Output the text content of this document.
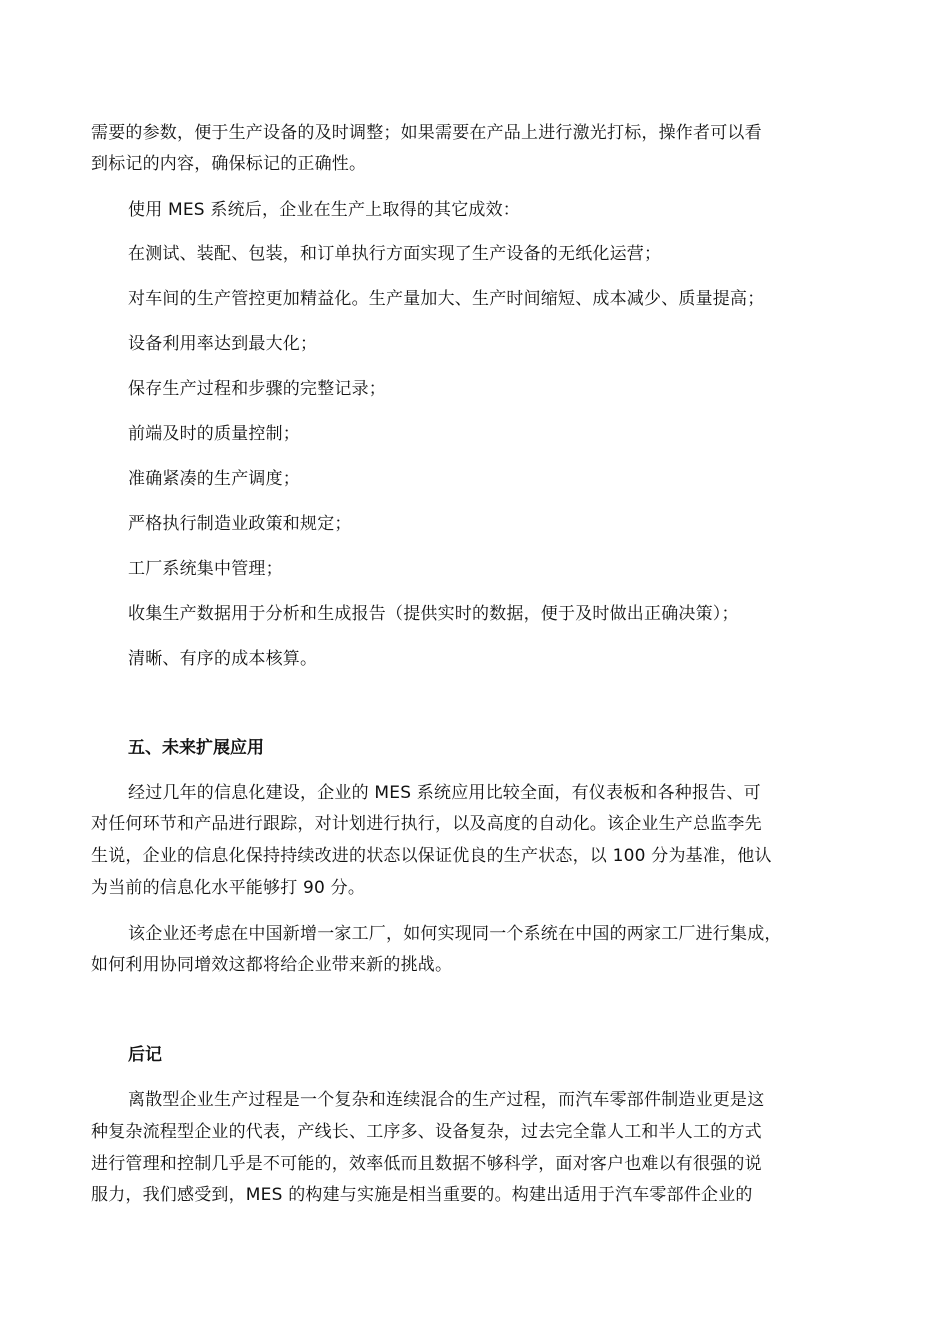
需要的参数，便于生产设备的及时调整；如果需要在产品上进行激光打标，操作者可以看
到标记的内容，确保标记的正确性。
使用 MES 系统后，企业在生产上取得的其它成效：
在测试、装配、包装，和订单执行方面实现了生产设备的无纸化运营；
对车间的生产管控更加精益化。生产量加大、生产时间缩短、成本减少、质量提高；
设备利用率达到最大化；
保存生产过程和步骤的完整记录；
前端及时的质量控制；
准确紧凑的生产调度；
严格执行制造业政策和规定；
工厂系统集中管理；
收集生产数据用于分析和生成报告（提供实时的数据，便于及时做出正确决策）；
清晰、有序的成本核算。
五、未来扩展应用
经过几年的信息化建设，企业的 MES 系统应用比较全面，有仪表板和各种报告、可
对任何环节和产品进行跟踪，对计划进行执行，以及高度的自动化。该企业生产总监李先
生说，企业的信息化保持持续改进的状态以保证优良的生产状态，以 100 分为基准，他认
为当前的信息化水平能够打 90 分。
该企业还考虑在中国新增一家工厂，如何实现同一个系统在中国的两家工厂进行集成，
如何利用协同增效这都将给企业带来新的挑战。
后记
离散型企业生产过程是一个复杂和连续混合的生产过程，而汽车零部件制造业更是这
种复杂流程型企业的代表，产线长、工序多、设备复杂，过去完全靠人工和半人工的方式
进行管理和控制几乎是不可能的，效率低而且数据不够科学，面对客户也难以有很强的说
服力，我们感受到，MES 的构建与实施是相当重要的。构建出适用于汽车零部件企业的
